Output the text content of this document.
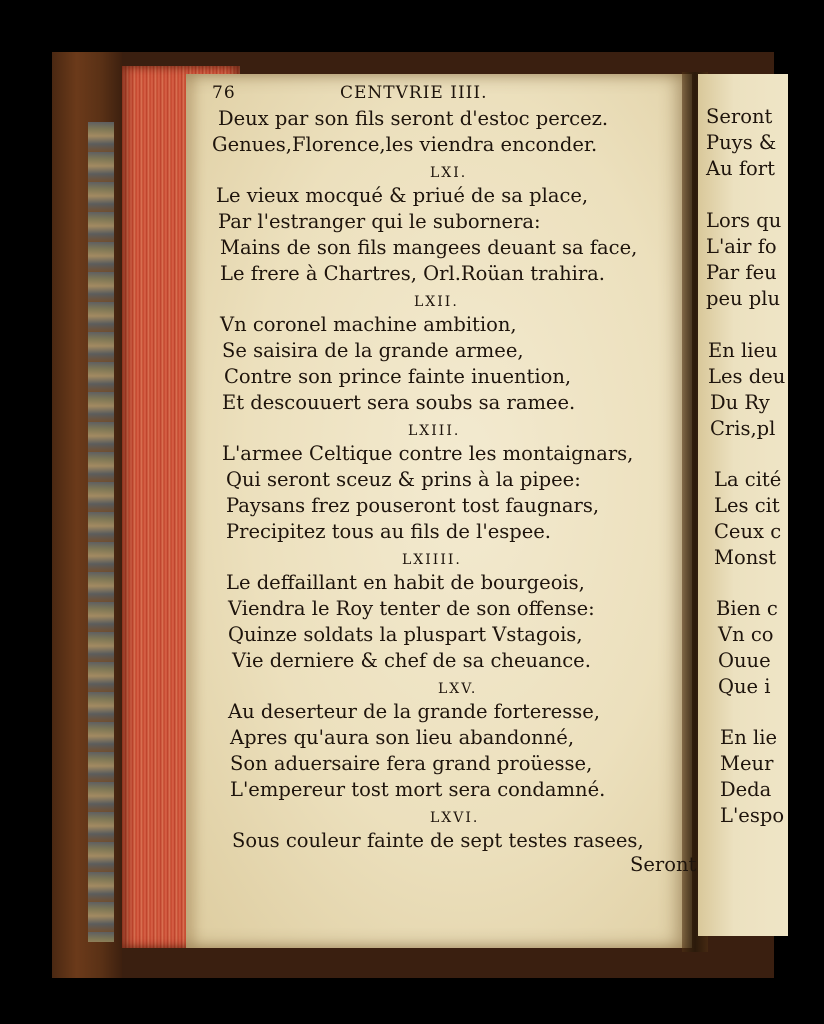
76	CENTVRIE IIII.
Deux par son fils seront d'estoc percez.
Genues,Florence,les viendra enconder.
LXI.
Le vieux mocqué & priué de sa place,
Par l'estranger qui le subornera:
Mains de son fils mangees deuant sa face,
Le frere à Chartres, Orl.Roüan trahira.
LXII.
Vn coronel machine ambition,
Se saisira de la grande armee,
Contre son prince fainte inuention,
Et descouuert sera soubs sa ramee.
LXIII.
L'armee Celtique contre les montaignars,
Qui seront sceuz & prins à la pipee:
Paysans frez pouseront tost faugnars,
Precipitez tous au fils de l'espee.
LXIIII.
Le deffaillant en habit de bourgeois,
Viendra le Roy tenter de son offense:
Quinze soldats la pluspart Vstagois,
Vie derniere & chef de sa cheuance.
LXV.
Au deserteur de la grande forteresse,
Apres qu'aura son lieu abandonné,
Son aduersaire fera grand proüesse,
L'empereur tost mort sera condamné.
LXVI.
Sous couleur fainte de sept testes rasees,
Seront
Seront
Puys &
Au fort
Lors qu
L'air fo
Par feu
peu plu
En lieu
Les deu
Du Ry
Cris,pl
La cité
Les cit
Ceux c
Monst
Bien c
Vn co
Ouue
Que i
En lie
Meur
Deda
L'espo
